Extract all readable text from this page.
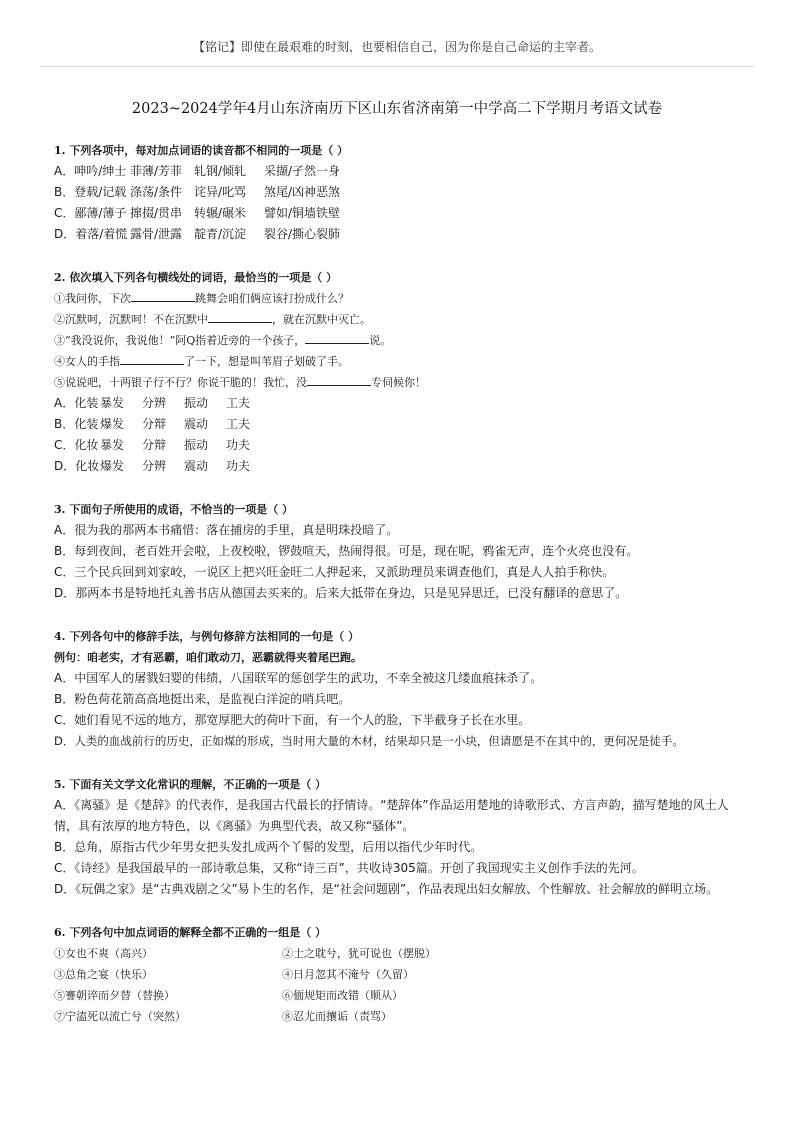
【铭记】即使在最艰难的时刻，也要相信自己，因为你是自己命运的主宰者。
2023~2024学年4月山东济南历下区山东省济南第一中学高二下学期月考语文试卷
1. 下列各项中，每对加点词语的读音都不相同的一项是（ ）
A．呻吟/绅士 菲薄/芳菲 轧钢/倾轧 采撷/孑然一身
B．登载/记载 涤荡/条件 诧异/叱骂 煞尾/凶神恶煞
C．鄙薄/薄子 撺掇/贯串 转辗/碾米 譬如/铜墙铁壁
D．着落/着慌 露骨/泄露 靛青/沉淀 裂谷/撕心裂肺
2. 依次填入下列各句横线处的词语，最恰当的一项是（ ）
①我问你，下次	跳舞会咱们俩应该打扮成什么？
②沉默呵，沉默呵！不在沉默中	，就在沉默中灭亡。
③“我没说你，我说他！”阿Q指着近旁的一个孩子，	说。
④女人的手指	了一下，想是叫苇眉子划破了手。
⑤说说吧，十两银子行不行？你说干脆的！我忙，没	专伺候你！
A．化装 暴发 分辨 振动 工夫
B．化装 爆发 分辩 震动 工夫
C．化妆 暴发 分辩 振动 功夫
D．化妆爆发 分辨 震动 功夫
3. 下面句子所使用的成语，不恰当的一项是（ ）
A．很为我的那两本书痛惜：落在捕房的手里，真是明珠投暗了。
B．每到夜间，老百姓开会啦，上夜校啦，锣鼓喧天，热闹得很。可是，现在呢，鸦雀无声，连个火亮也没有。
C．三个民兵回到刘家峧，一说区上把兴旺金旺二人押起来，又派助理员来调查他们，真是人人拍手称快。
D．那两本书是特地托丸善书店从德国去买来的。后来大抵带在身边，只是见异思迁，已没有翻译的意思了。
4. 下列各句中的修辞手法，与例句修辞方法相同的一句是（ ）
例句：咱老实，才有恶霸，咱们敢动刀，恶霸就得夹着尾巴跑。
A．中国军人的屠戮妇婴的伟绩，八国联军的惩创学生的武功，不幸全被这几缕血痕抹杀了。
B．粉色荷花箭高高地挺出来，是监视白洋淀的哨兵吧。
C．她们看见不远的地方，那宽厚肥大的荷叶下面，有一个人的脸，下半截身子长在水里。
D．人类的血战前行的历史，正如煤的形成，当时用大量的木材，结果却只是一小块，但请愿是不在其中的，更何况是徒手。
5. 下面有关文学文化常识的理解，不正确的一项是（ ）
A．《离骚》是《楚辞》的代表作，是我国古代最长的抒情诗。“楚辞体”作品运用楚地的诗歌形式、方言声韵，描写楚地的风土人情，具有浓厚的地方特色，以《离骚》为典型代表，故又称“骚体”。
B．总角，原指古代少年男女把头发扎成两个丫髻的发型，后用以指代少年时代。
C．《诗经》是我国最早的一部诗歌总集，又称“诗三百”，共收诗305篇。开创了我国现实主义创作手法的先河。
D．《玩偶之家》是“古典戏剧之父”易卜生的名作，是“社会问题剧”，作品表现出妇女解放、个性解放、社会解放的鲜明立场。
6. 下列各句中加点词语的解释全都不正确的一组是（ ）
①女也不爽（高兴）	②士之耽兮，犹可说也（摆脱）
③总角之宴（快乐）	④日月忽其不淹兮（久留）
⑤謇朝谇而夕替（替换）	⑥偭规矩而改错（顺从）
⑦宁溘死以流亡兮（突然）	⑧忍尤而攘诟（责骂）
